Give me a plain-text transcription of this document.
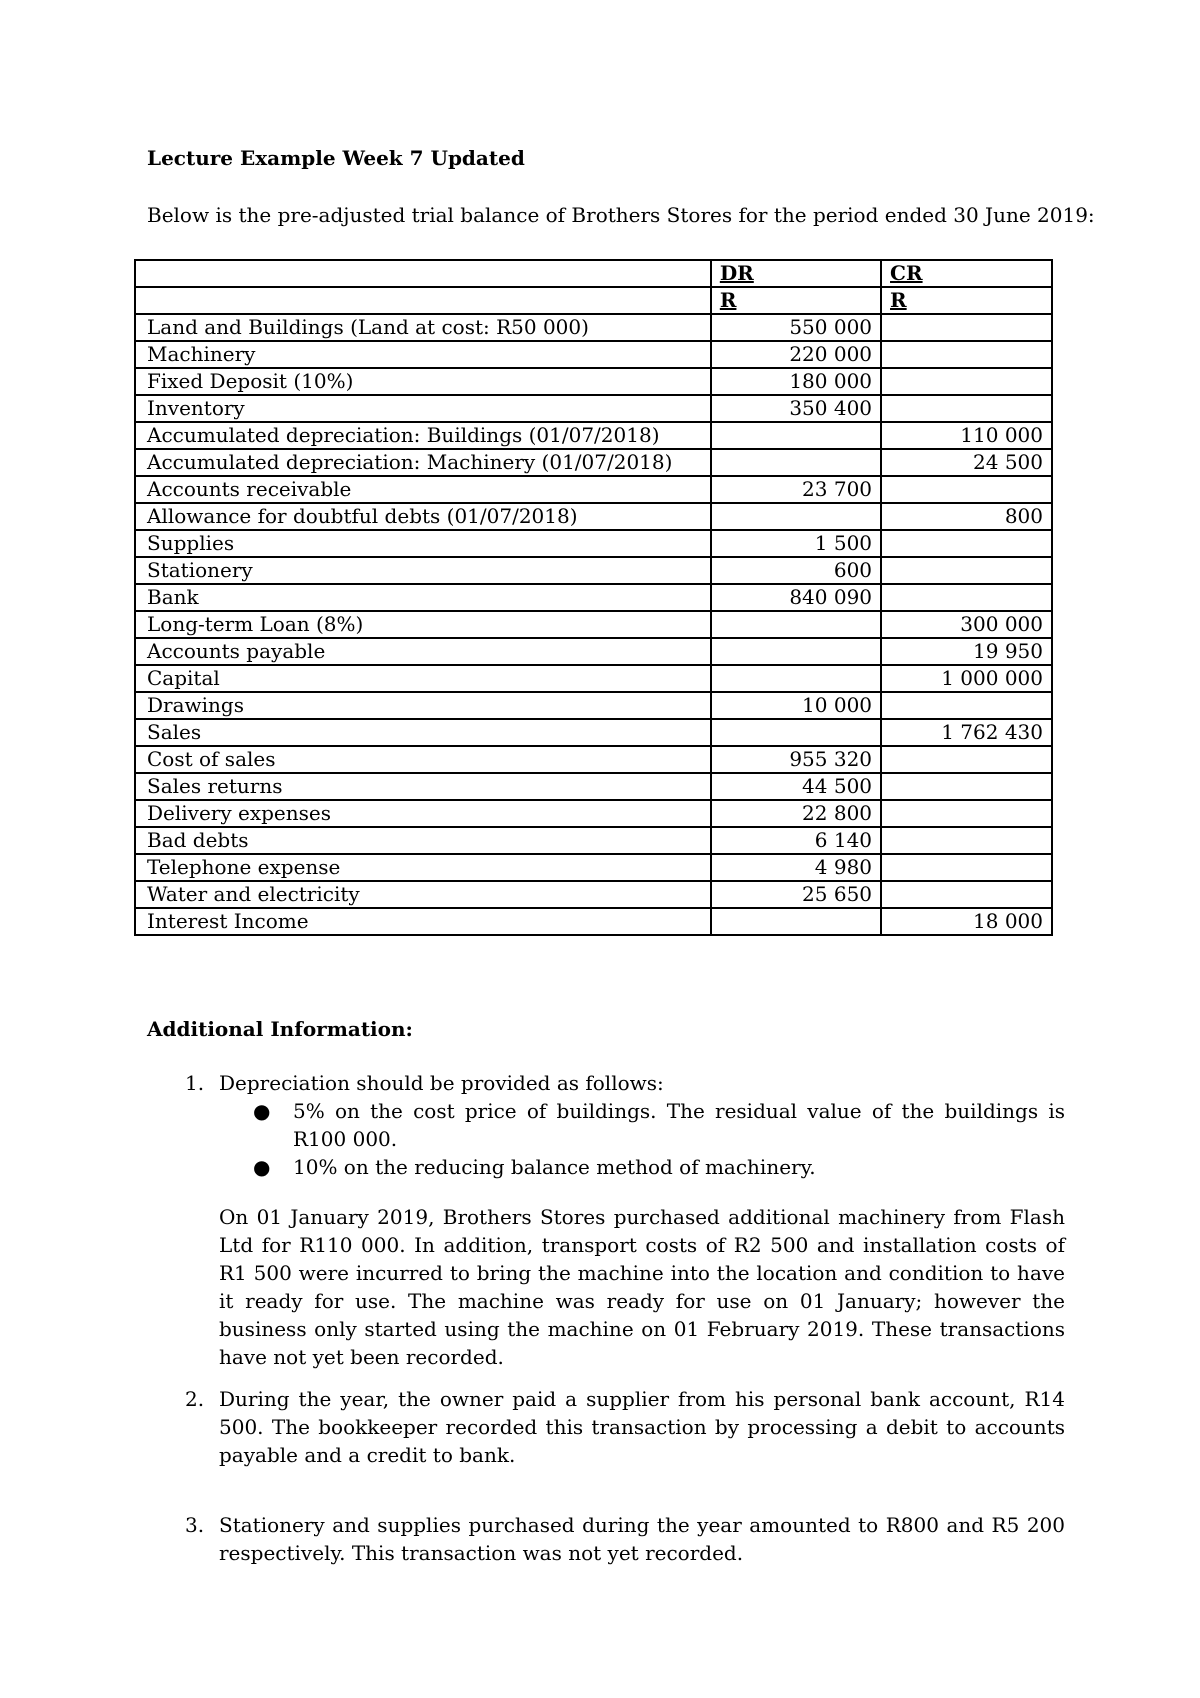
Lecture Example Week 7 Updated

Below is the pre-adjusted trial balance of Brothers Stores for the period ended 30 June 2019:

	DR	CR
	R	R
Land and Buildings (Land at cost: R50 000)	550 000	
Machinery	220 000	
Fixed Deposit (10%)	180 000	
Inventory	350 400	
Accumulated depreciation: Buildings (01/07/2018)		110 000
Accumulated depreciation: Machinery (01/07/2018)		24 500
Accounts receivable	23 700	
Allowance for doubtful debts (01/07/2018)		800
Supplies	1 500	
Stationery	600	
Bank	840 090	
Long-term Loan (8%)		300 000
Accounts payable		19 950
Capital		1 000 000
Drawings	10 000	
Sales		1 762 430
Cost of sales	955 320	
Sales returns	44 500	
Delivery expenses	22 800	
Bad debts	6 140	
Telephone expense	4 980	
Water and electricity	25 650	
Interest Income		18 000

Additional Information:

1. Depreciation should be provided as follows:
● 5% on the cost price of buildings. The residual value of the buildings is R100 000.
● 10% on the reducing balance method of machinery.
On 01 January 2019, Brothers Stores purchased additional machinery from Flash Ltd for R110 000. In addition, transport costs of R2 500 and installation costs of R1 500 were incurred to bring the machine into the location and condition to have it ready for use. The machine was ready for use on 01 January; however the business only started using the machine on 01 February 2019. These transactions have not yet been recorded.
2. During the year, the owner paid a supplier from his personal bank account, R14 500. The bookkeeper recorded this transaction by processing a debit to accounts payable and a credit to bank.
3. Stationery and supplies purchased during the year amounted to R800 and R5 200 respectively. This transaction was not yet recorded.
